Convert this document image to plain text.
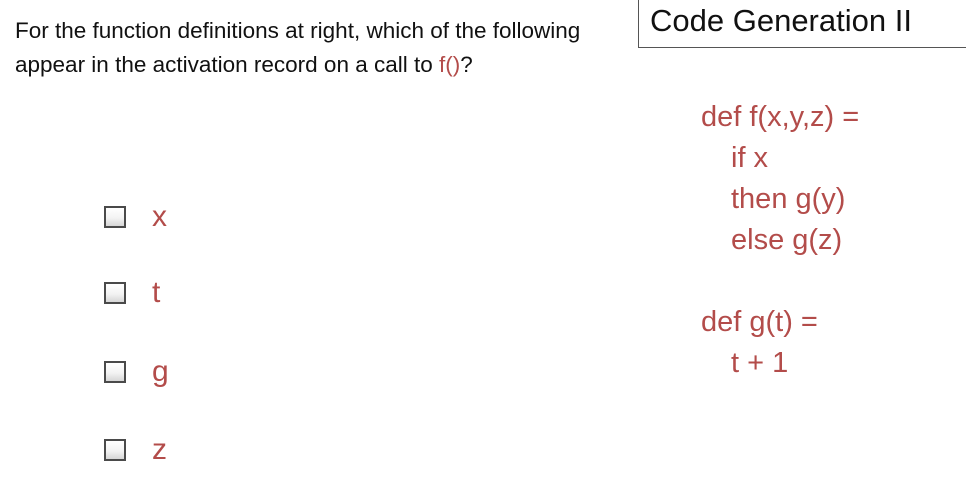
Code Generation II
For the function definitions at right, which of the following appear in the activation record on a call to f()?
x
t
g
z
def f(x,y,z) =
if x
then g(y)
else g(z)
def g(t) =
t + 1
